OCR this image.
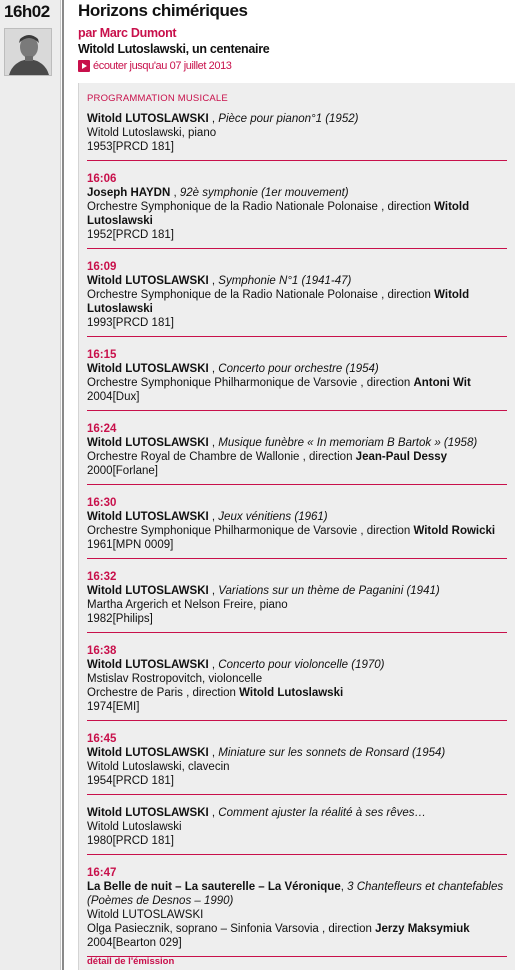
16h02 Horizons chimériques
par Marc Dumont
Witold Lutoslawski, un centenaire
écouter jusqu'au 07 juillet 2013
PROGRAMMATION MUSICALE
Witold LUTOSLAWSKI , Pièce pour pianon°1 (1952)
Witold Lutoslawski, piano
1953[PRCD 181]
16:06
Joseph HAYDN , 92è symphonie (1er mouvement)
Orchestre Symphonique de la Radio Nationale Polonaise , direction Witold Lutoslawski
1952[PRCD 181]
16:09
Witold LUTOSLAWSKI , Symphonie N°1 (1941-47)
Orchestre Symphonique de la Radio Nationale Polonaise , direction Witold Lutoslawski
1993[PRCD 181]
16:15
Witold LUTOSLAWSKI , Concerto pour orchestre (1954)
Orchestre Symphonique Philharmonique de Varsovie , direction Antoni Wit
2004[Dux]
16:24
Witold LUTOSLAWSKI , Musique funèbre « In memoriam B Bartok » (1958)
Orchestre Royal de Chambre de Wallonie , direction Jean-Paul Dessy
2000[Forlane]
16:30
Witold LUTOSLAWSKI , Jeux vénitiens (1961)
Orchestre Symphonique Philharmonique de Varsovie , direction Witold Rowicki
1961[MPN 0009]
16:32
Witold LUTOSLAWSKI , Variations sur un thème de Paganini (1941)
Martha Argerich et Nelson Freire, piano
1982[Philips]
16:38
Witold LUTOSLAWSKI , Concerto pour violoncelle (1970)
Mstislav Rostropovitch, violoncelle
Orchestre de Paris , direction Witold Lutoslawski
1974[EMI]
16:45
Witold LUTOSLAWSKI , Miniature sur les sonnets de Ronsard (1954)
Witold Lutoslawski, clavecin
1954[PRCD 181]
Witold LUTOSLAWSKI , Comment ajuster la réalité à ses rêves…
Witold Lutoslawski
1980[PRCD 181]
16:47
La Belle de nuit – La sauterelle – La Véronique, 3 Chantefleurs et chantefables (Poèmes de Desnos – 1990)
Witold LUTOSLAWSKI
Olga Pasiecznik, soprano – Sinfonia Varsovia , direction Jerzy Maksymiuk
2004[Bearton 029]
détail de l'émission
